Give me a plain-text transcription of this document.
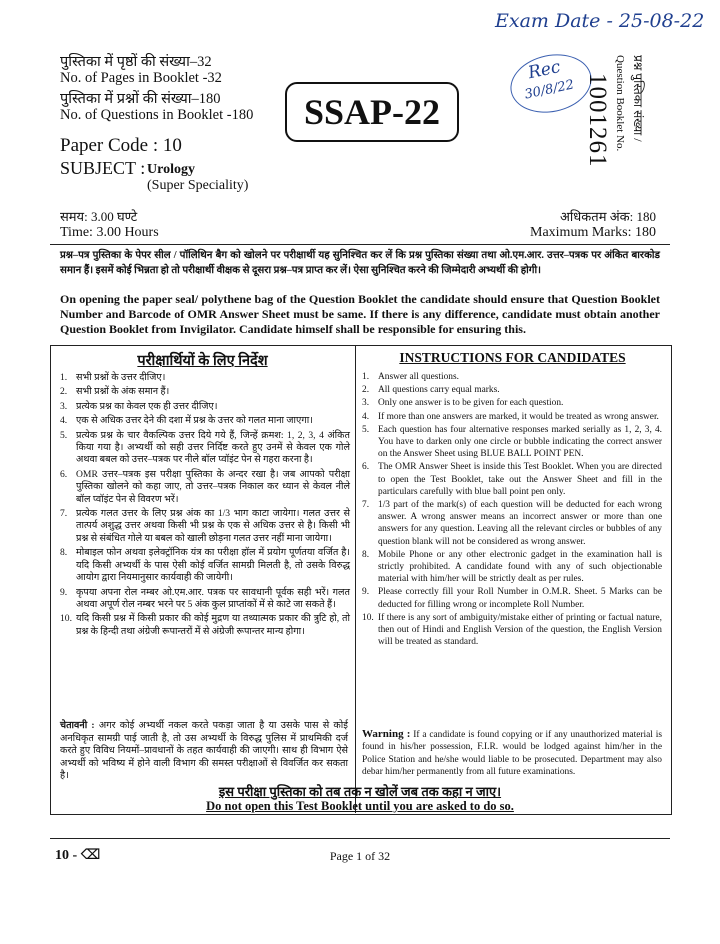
Exam Date - 25-08-22
पुस्तिका में पृष्ठों की संख्या–32
No. of Pages in Booklet -32
पुस्तिका में प्रश्नों की संख्या–180
No. of Questions in Booklet -180
Paper Code : 10
SUBJECT : Urology
(Super Speciality)
SSAP-22
Rec
30/8/22 1001261 प्रश्न पुस्तिका संख्या /
Question Booklet No.
समय: 3.00 घण्टे
Time: 3.00 Hours
अधिकतम अंक: 180
Maximum Marks: 180
प्रश्न–पत्र पुस्तिका के पेपर सील / पॉलिथिन बैग को खोलने पर परीक्षार्थी यह सुनिश्चित कर लें कि प्रश्न पुस्तिका संख्या तथा ओ.एम.आर. उत्तर–पत्रक पर अंकित बारकोड समान हैं। इसमें कोई भिन्नता हो तो परीक्षार्थी वीक्षक से दूसरा प्रश्न–पत्र प्राप्त कर लें। ऐसा सुनिश्चित करने की जिम्मेदारी अभ्यर्थी की होगी।
On opening the paper seal/ polythene bag of the Question Booklet the candidate should ensure that Question Booklet Number and Barcode of OMR Answer Sheet must be same. If there is any difference, candidate must obtain another Question Booklet from Invigilator. Candidate himself shall be responsible for ensuring this.
परीक्षार्थियों के लिए निर्देश
1. सभी प्रश्नों के उत्तर दीजिए।
2. सभी प्रश्नों के अंक समान हैं।
3. प्रत्येक प्रश्न का केवल एक ही उत्तर दीजिए।
4. एक से अधिक उत्तर देने की दशा में प्रश्न के उत्तर को गलत माना जाएगा।
5. प्रत्येक प्रश्न के चार वैकल्पिक उत्तर दिये गये हैं, जिन्हें क्रमश: 1, 2, 3, 4 अंकित किया गया है। अभ्यर्थी को सही उत्तर निर्दिष्ट करते हुए उनमें से केवल एक गोले अथवा बबल को उत्तर–पत्रक पर नीले बॉल प्वॉइंट पेन से गहरा करना है।
6. OMR उत्तर–पत्रक इस परीक्षा पुस्तिका के अन्दर रखा है। जब आपको परीक्षा पुस्तिका खोलने को कहा जाए, तो उत्तर–पत्रक निकाल कर ध्यान से केवल नीले बॉल प्वॉइंट पेन से विवरण भरें।
7. प्रत्येक गलत उत्तर के लिए प्रश्न अंक का 1/3 भाग काटा जायेगा। गलत उत्तर से तात्पर्य अशुद्ध उत्तर अथवा किसी भी प्रश्न के एक से अधिक उत्तर से है। किसी भी प्रश्न से संबंधित गोले या बबल को खाली छोड़ना गलत उत्तर नहीं माना जायेगा।
8. मोबाइल फोन अथवा इलेक्ट्रॉनिक यंत्र का परीक्षा हॉल में प्रयोग पूर्णतया वर्जित है। यदि किसी अभ्यर्थी के पास ऐसी कोई वर्जित सामग्री मिलती है, तो उसके विरुद्ध आयोग द्वारा नियमानुसार कार्यवाही की जायेगी।
9. कृपया अपना रोल नम्बर ओ.एम.आर. पत्रक पर सावधानी पूर्वक सही भरें। गलत अथवा अपूर्ण रोल नम्बर भरने पर 5 अंक कुल प्राप्तांकों में से काटे जा सकते हैं।
10. यदि किसी प्रश्न में किसी प्रकार की कोई मुद्रण या तथ्यात्मक प्रकार की त्रुटि हो, तो प्रश्न के हिन्दी तथा अंग्रेजी रूपान्तरों में से अंग्रेजी रूपान्तर मान्य होगा।
चेतावनी : अगर कोई अभ्यर्थी नकल करते पकड़ा जाता है या उसके पास से कोई अनधिकृत सामग्री पाई जाती है, तो उस अभ्यर्थी के विरुद्ध पुलिस में प्राथमिकी दर्ज करते हुए विविध नियमों–प्रावधानों के तहत कार्यवाही की जाएगी। साथ ही विभाग ऐसे अभ्यर्थी को भविष्य में होने वाली विभाग की समस्त परीक्षाओं से विवर्जित कर सकता है।
INSTRUCTIONS FOR CANDIDATES
1. Answer all questions.
2. All questions carry equal marks.
3. Only one answer is to be given for each question.
4. If more than one answers are marked, it would be treated as wrong answer.
5. Each question has four alternative responses marked serially as 1, 2, 3, 4. You have to darken only one circle or bubble indicating the correct answer on the Answer Sheet using BLUE BALL POINT PEN.
6. The OMR Answer Sheet is inside this Test Booklet. When you are directed to open the Test Booklet, take out the Answer Sheet and fill in the particulars carefully with blue ball point pen only.
7. 1/3 part of the mark(s) of each question will be deducted for each wrong answer. A wrong answer means an incorrect answer or more than one answers for any question. Leaving all the relevant circles or bubbles of any question blank will not be considered as wrong answer.
8. Mobile Phone or any other electronic gadget in the examination hall is strictly prohibited. A candidate found with any of such objectionable material with him/her will be strictly dealt as per rules.
9. Please correctly fill your Roll Number in O.M.R. Sheet. 5 Marks can be deducted for filling wrong or incomplete Roll Number.
10. If there is any sort of ambiguity/mistake either of printing or factual nature, then out of Hindi and English Version of the question, the English Version will be treated as standard.
Warning : If a candidate is found copying or if any unauthorized material is found in his/her possession, F.I.R. would be lodged against him/her in the Police Station and he/she would liable to be prosecuted. Department may also debar him/her permanently from all future examinations.
इस परीक्षा पुस्तिका को तब तक न खोलें जब तक कहा न जाए।
Do not open this Test Booklet until you are asked to do so.
10 - ⌫	Page 1 of 32
